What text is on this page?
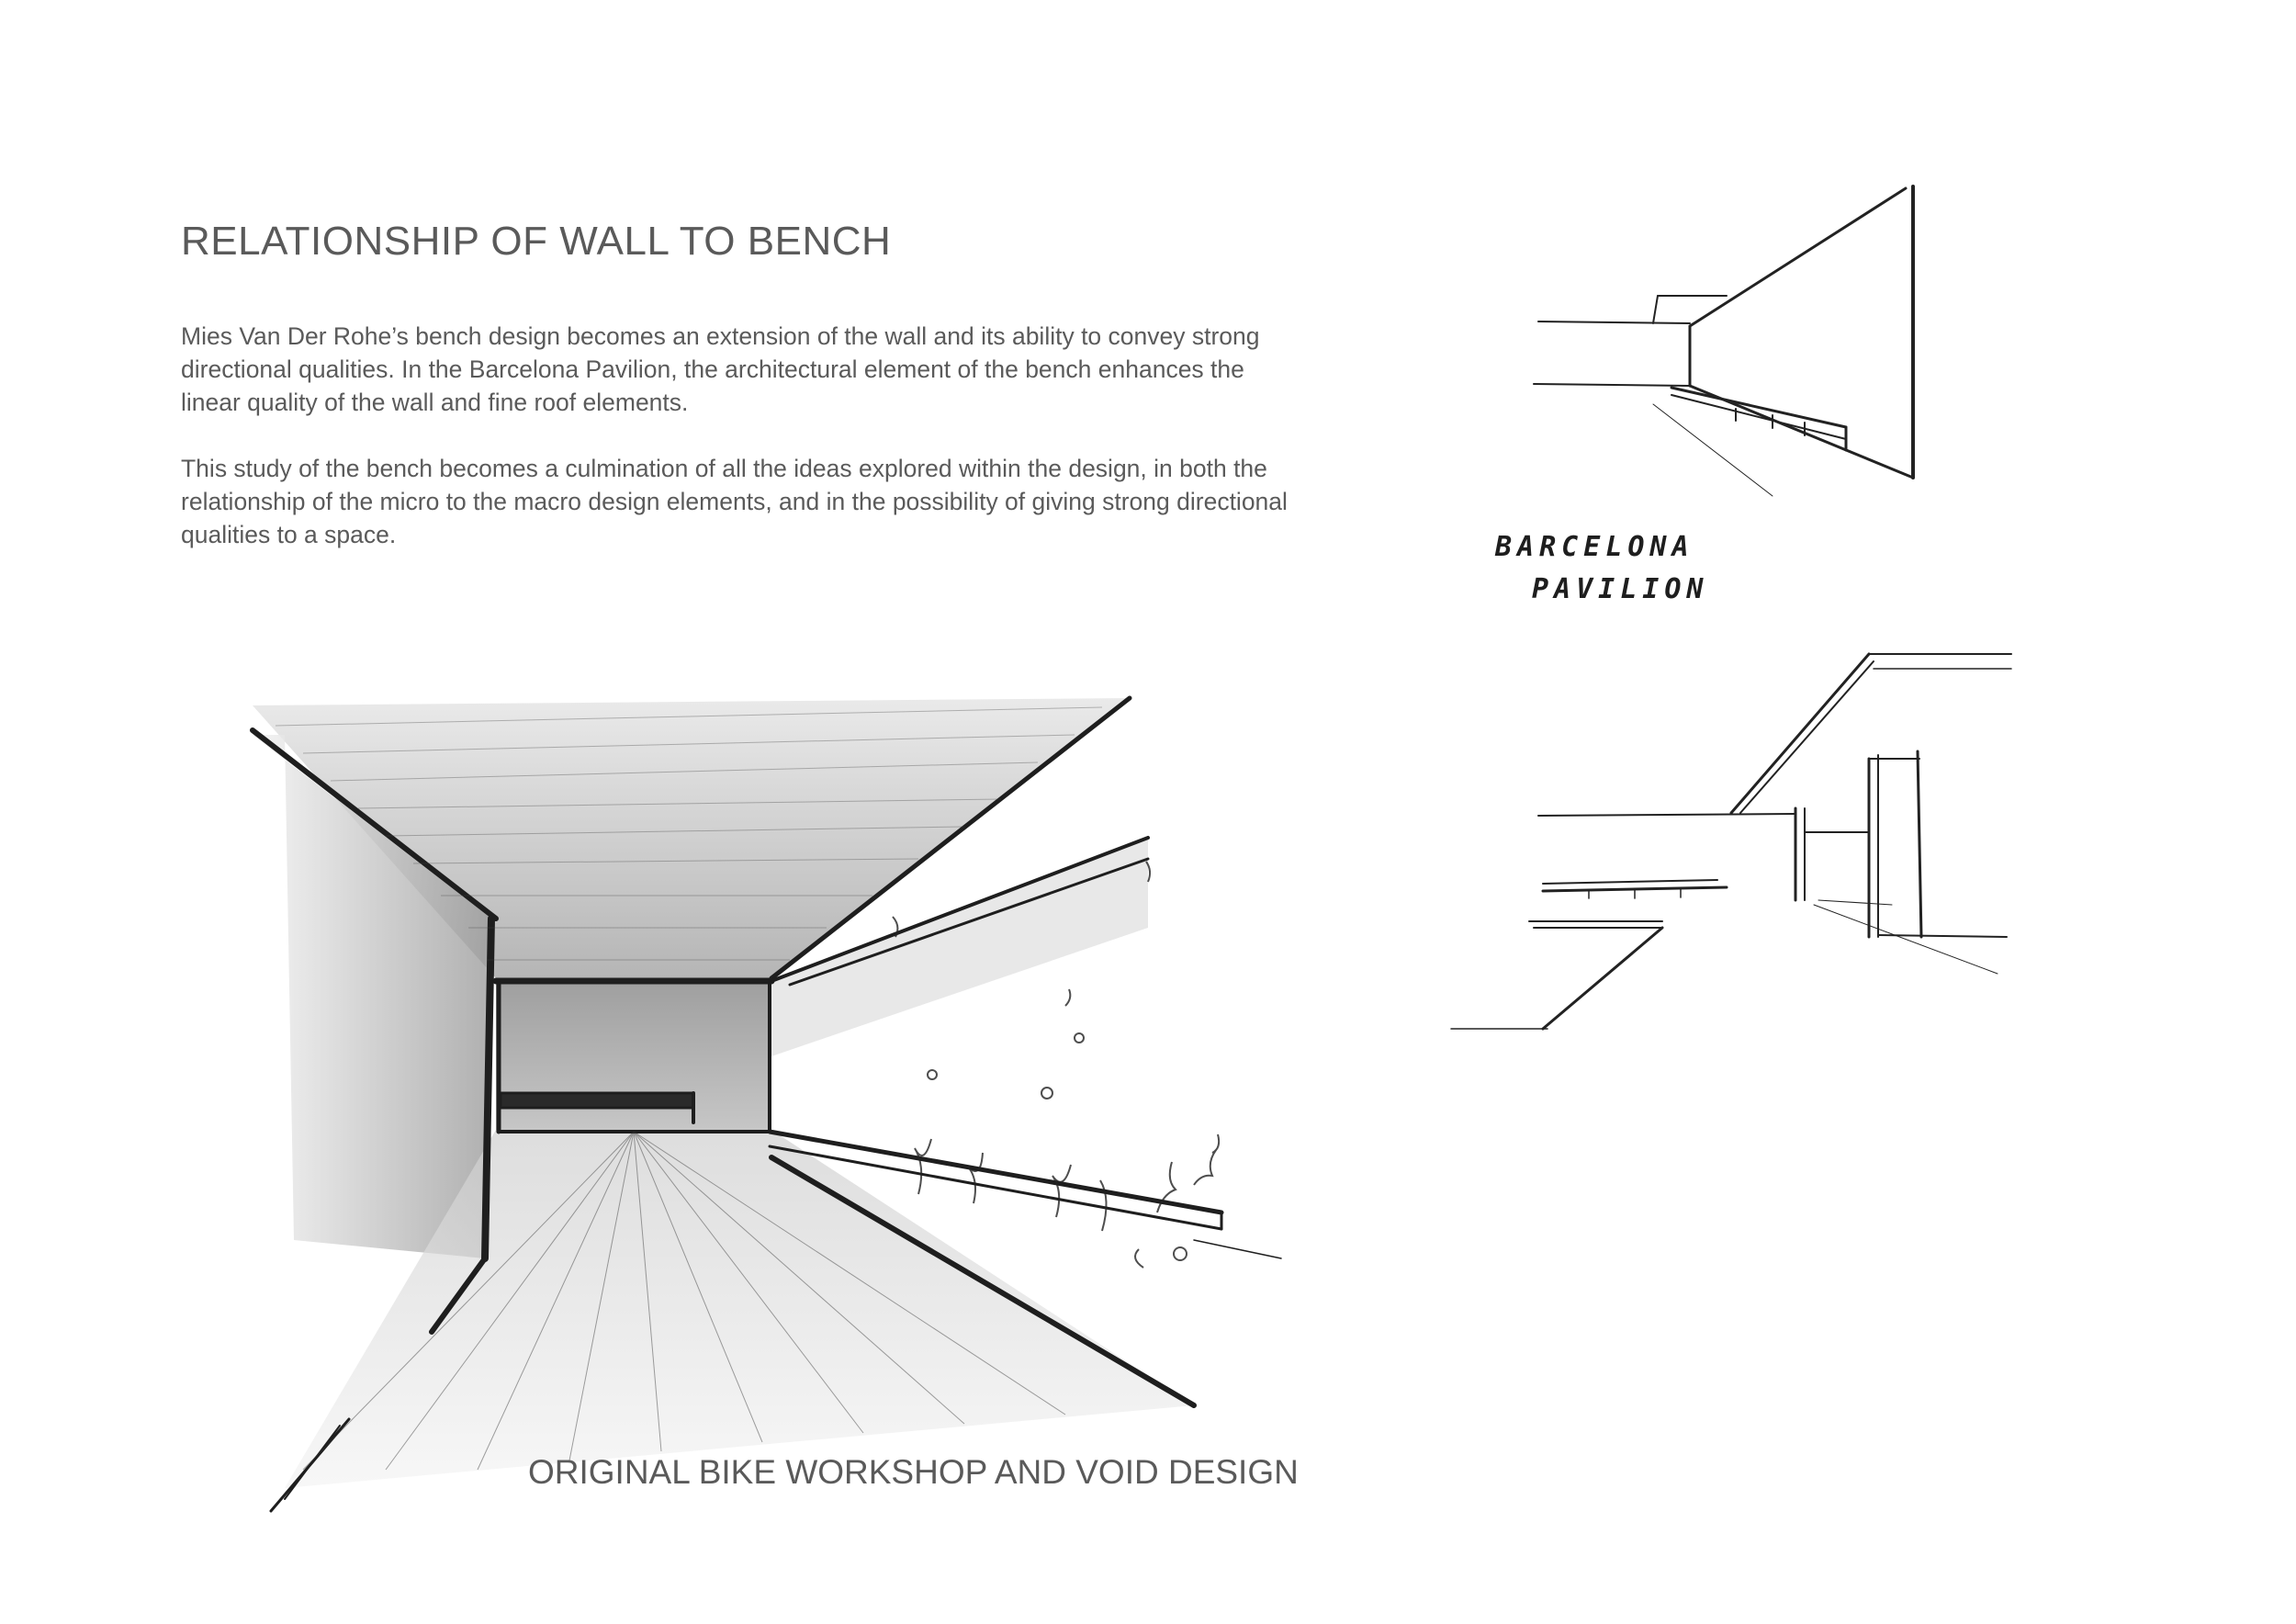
RELATIONSHIP OF WALL TO BENCH

Mies Van Der Rohe’s bench design becomes an extension of the wall and its ability to convey strong directional qualities. In the Barcelona Pavilion, the architectural element of the bench enhances the linear quality of the wall and fine roof elements.

This study of the bench becomes a culmination of all the ideas explored within the design, in both the relationship of the micro to the macro design elements, and in the possibility of giving strong directional qualities to a space.	BARCELONA
PAVILION
ORIGINAL BIKE WORKSHOP AND VOID DESIGN
